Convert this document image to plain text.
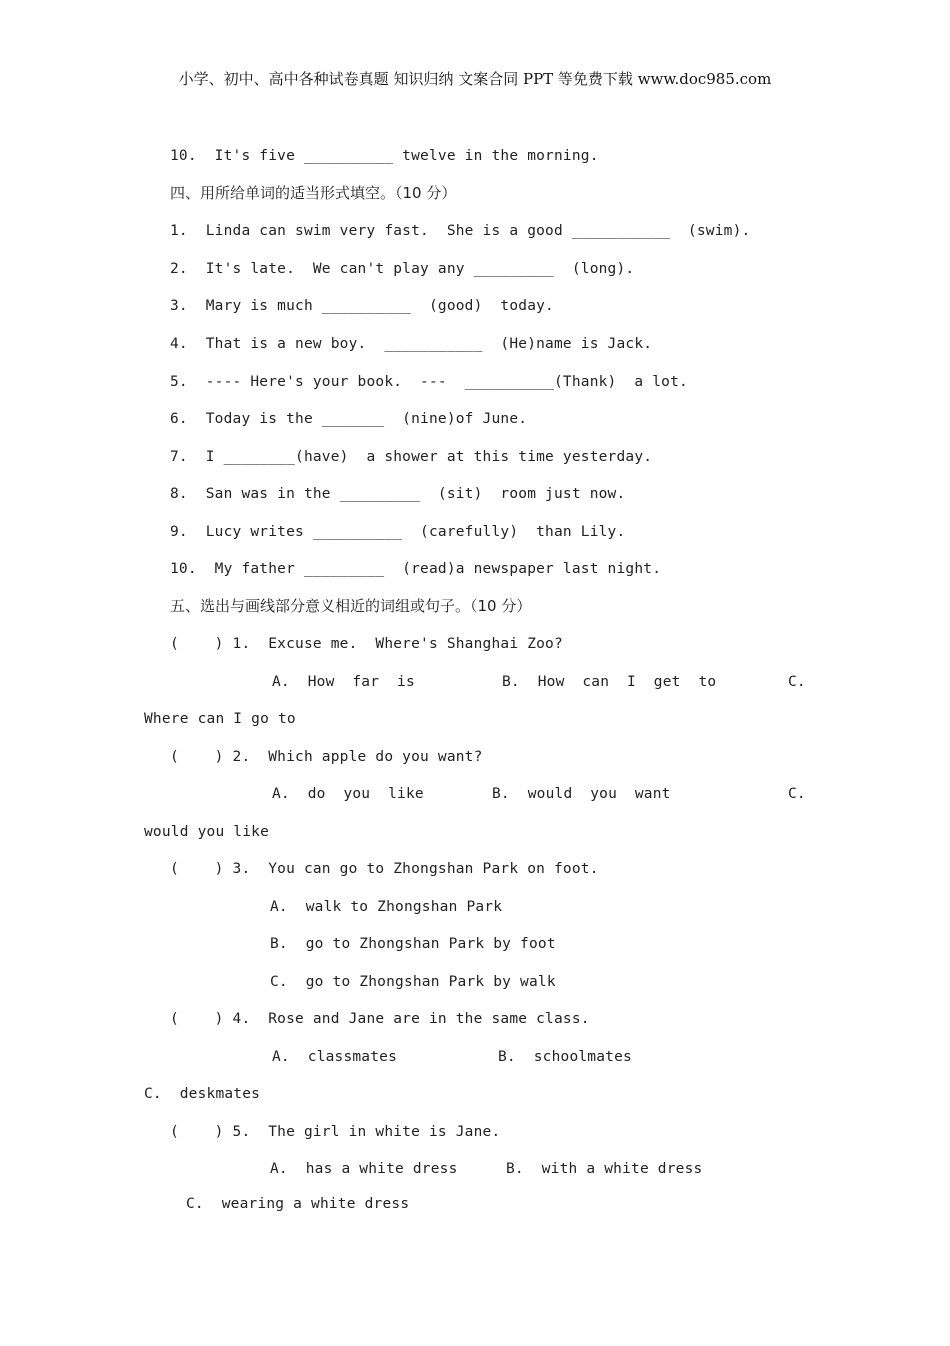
小学、初中、高中各种试卷真题 知识归纳 文案合同 PPT 等免费下载 www.doc985.com
10.  It's five __________ twelve in the morning.
四、用所给单词的适当形式填空。（10 分）
1.  Linda can swim very fast.  She is a good ___________  (swim).
2.  It's late.  We can't play any _________  (long).
3.  Mary is much __________  (good)  today.
4.  That is a new boy.  ___________  (He)name is Jack.
5.  ---- Here's your book.  ---  __________(Thank)  a lot.
6.  Today is the _______  (nine)of June.
7.  I ________(have)  a shower at this time yesterday.
8.  San was in the _________  (sit)  room just now.
9.  Lucy writes __________  (carefully)  than Lily.
10.  My father _________  (read)a newspaper last night.
五、选出与画线部分意义相近的词组或句子。（10 分）
(    ) 1.  Excuse me.  Where's Shanghai Zoo?
A.  How  far  is	B.  How  can  I  get  to	C.
Where can I go to
(    ) 2.  Which apple do you want?
A.  do  you  like	B.  would  you  want	C.
would you like
(    ) 3.  You can go to Zhongshan Park on foot.
A.  walk to Zhongshan Park
B.  go to Zhongshan Park by foot
C.  go to Zhongshan Park by walk
(    ) 4.  Rose and Jane are in the same class.
A.  classmates	B.  schoolmates
C.  deskmates
(    ) 5.  The girl in white is Jane.
A.  has a white dress	B.  with a white dress
C.  wearing a white dress
